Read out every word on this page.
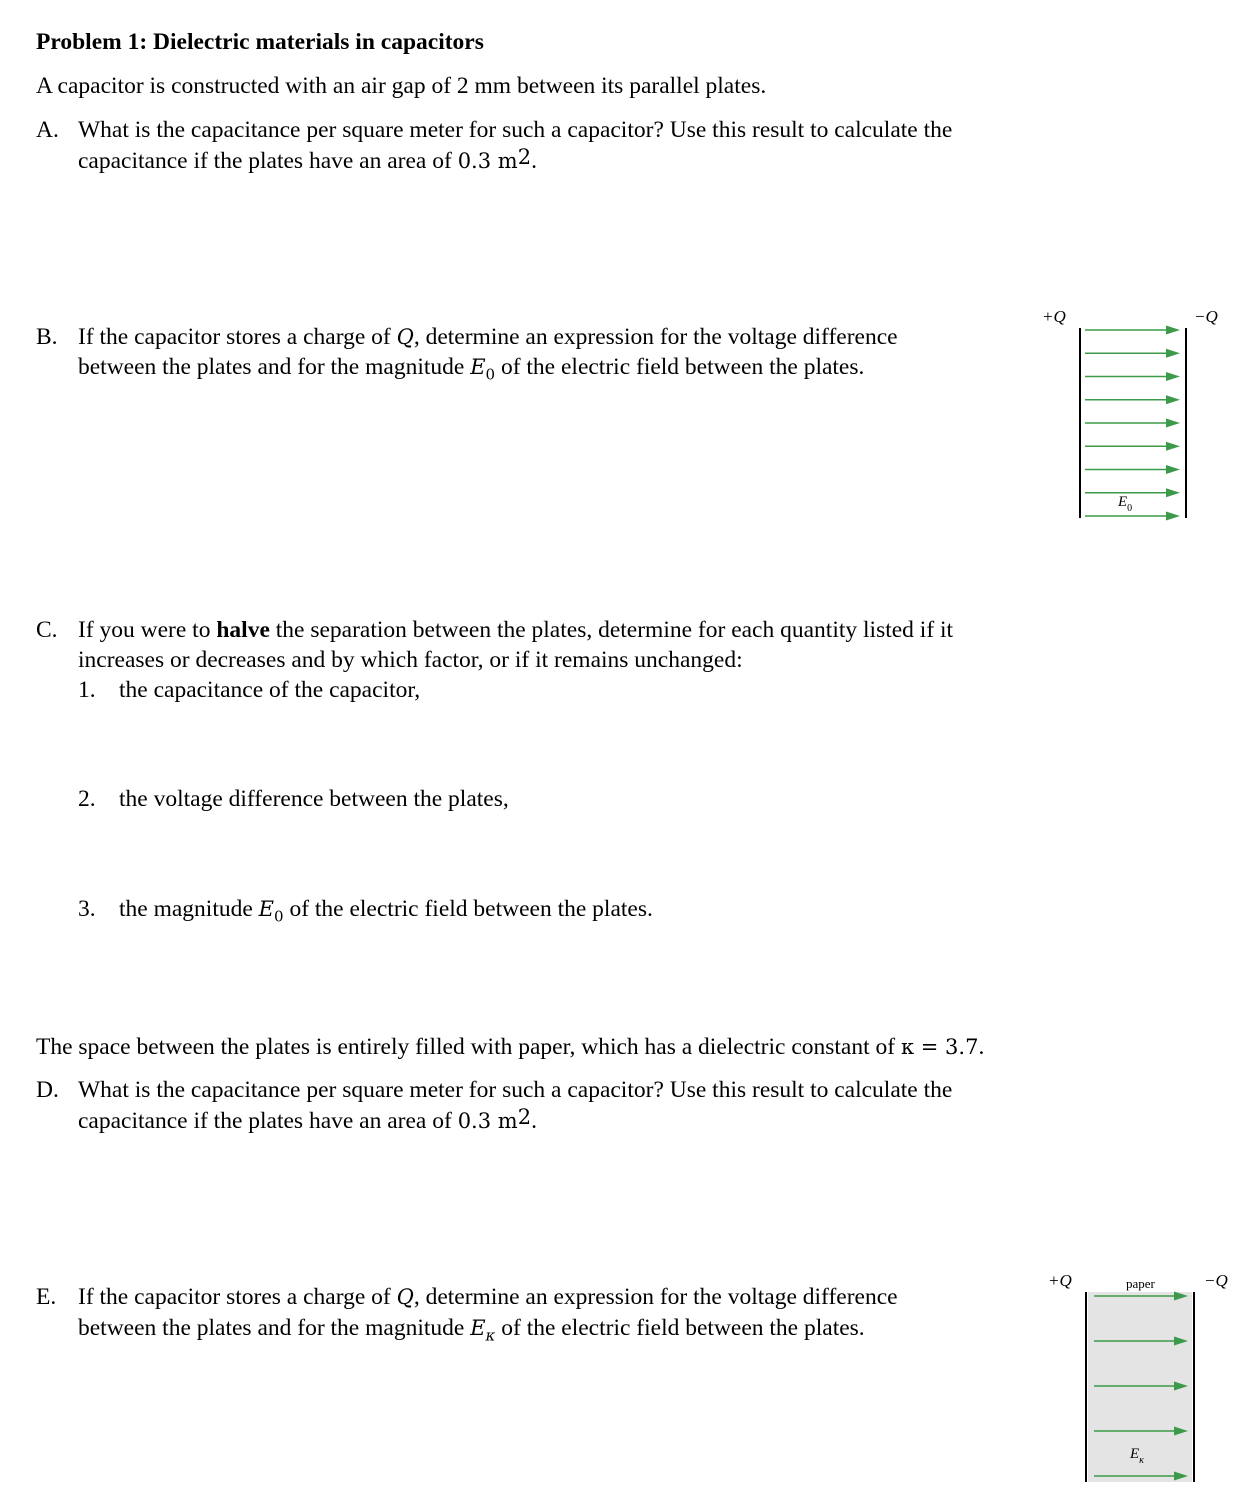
Problem 1: Dielectric materials in capacitors
A capacitor is constructed with an air gap of 2 mm between its parallel plates.
A. What is the capacitance per square meter for such a capacitor? Use this result to calculate the
capacitance if the plates have an area of 0.3 $m^2$.
B. If the capacitor stores a charge of Q, determine an expression for the voltage difference
between the plates and for the magnitude $E_0$ of the electric field between the plates.
+Q	−Q
$E_0$
C. If you were to halve the separation between the plates, determine for each quantity listed if it
increases or decreases and by which factor, or if it remains unchanged:
1. the capacitance of the capacitor,
2. the voltage difference between the plates,
3. the magnitude $E_0$ of the electric field between the plates.
The space between the plates is entirely filled with paper, which has a dielectric constant of κ = 3.7.
D. What is the capacitance per square meter for such a capacitor? Use this result to calculate the
capacitance if the plates have an area of 0.3 $m^2$.
E. If the capacitor stores a charge of Q, determine an expression for the voltage difference
between the plates and for the magnitude $E_\kappa$ of the electric field between the plates.
+Q	−Q
paper
$E_\kappa$
